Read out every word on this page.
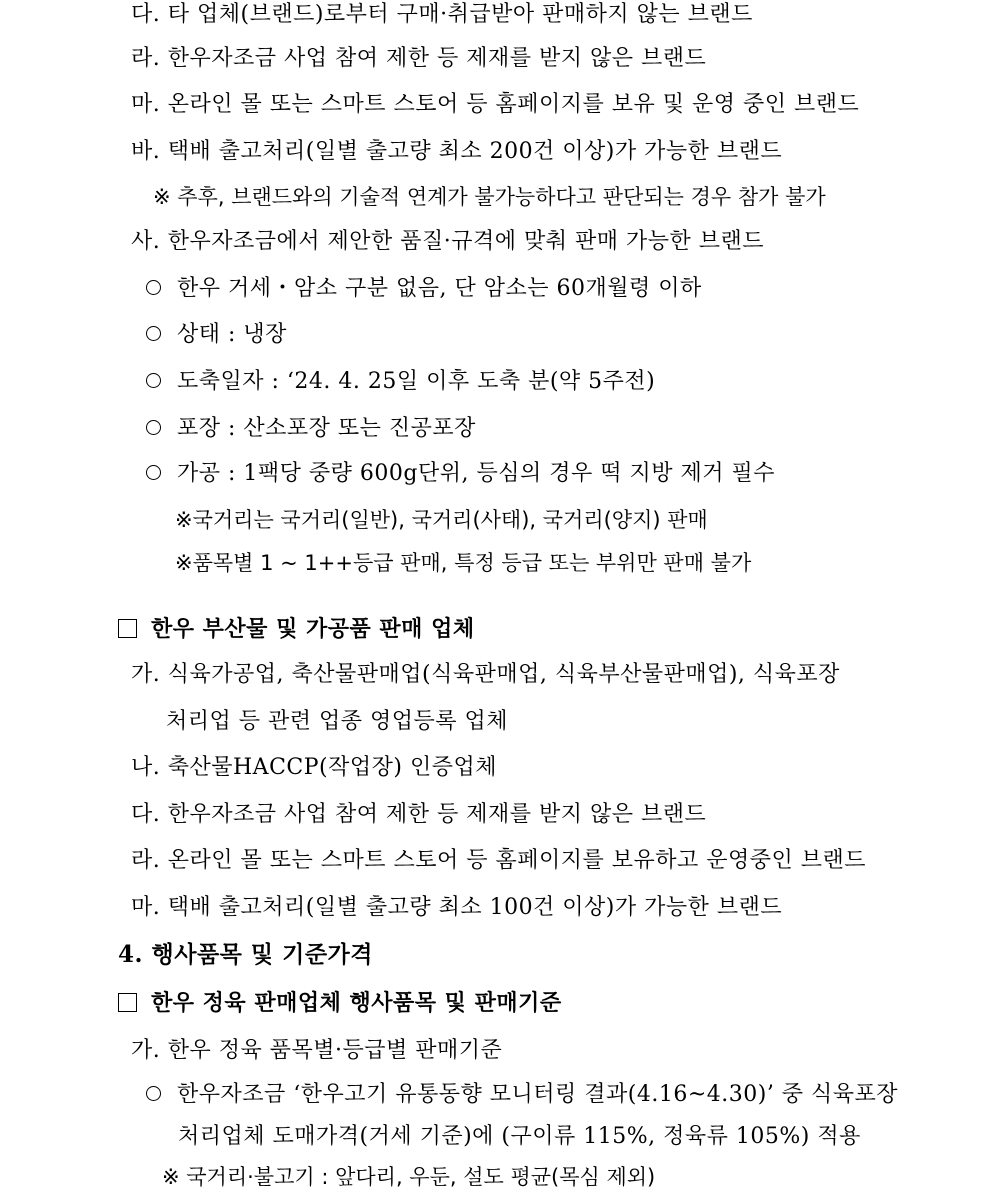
다. 타 업체(브랜드)로부터 구매·취급받아 판매하지 않는 브랜드
라. 한우자조금 사업 참여 제한 등 제재를 받지 않은 브랜드
마. 온라인 몰 또는 스마트 스토어 등 홈페이지를 보유 및 운영 중인 브랜드
바. 택배 출고처리(일별 출고량 최소 200건 이상)가 가능한 브랜드
※ 추후, 브랜드와의 기술적 연계가 불가능하다고 판단되는 경우 참가 불가
사. 한우자조금에서 제안한 품질·규격에 맞춰 판매 가능한 브랜드
한우 거세・암소 구분 없음, 단 암소는 60개월령 이하
상태 : 냉장
도축일자 : ‘24. 4. 25일 이후 도축 분(약 5주전)
포장 : 산소포장 또는 진공포장
가공 : 1팩당 중량 600g단위, 등심의 경우 떡 지방 제거 필수
※국거리는 국거리(일반), 국거리(사태), 국거리(양지) 판매
※품목별 1 ~ 1++등급 판매, 특정 등급 또는 부위만 판매 불가
한우 부산물 및 가공품 판매 업체
가. 식육가공업, 축산물판매업(식육판매업, 식육부산물판매업), 식육포장
처리업 등 관련 업종 영업등록 업체
나. 축산물HACCP(작업장) 인증업체
다. 한우자조금 사업 참여 제한 등 제재를 받지 않은 브랜드
라. 온라인 몰 또는 스마트 스토어 등 홈페이지를 보유하고 운영중인 브랜드
마. 택배 출고처리(일별 출고량 최소 100건 이상)가 가능한 브랜드
4. 행사품목 및 기준가격
한우 정육 판매업체 행사품목 및 판매기준
가. 한우 정육 품목별·등급별 판매기준
한우자조금 ‘한우고기 유통동향 모니터링 결과(4.16~4.30)’ 중 식육포장
처리업체 도매가격(거세 기준)에 (구이류 115%, 정육류 105%) 적용
※ 국거리·불고기 : 앞다리, 우둔, 설도 평균(목심 제외)
